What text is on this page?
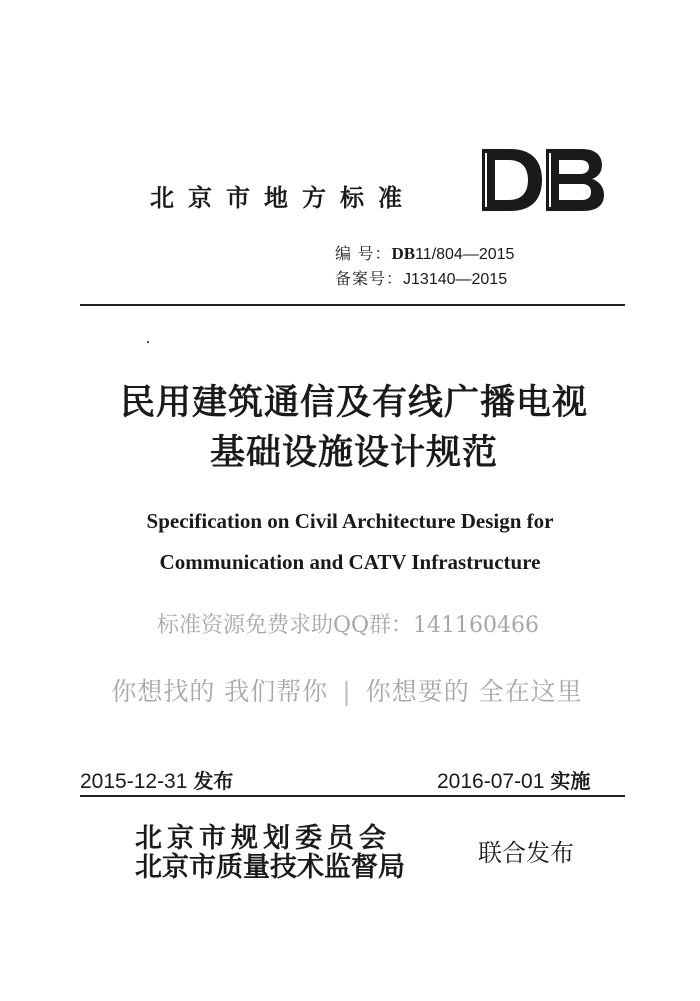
北京市地方标准
编 号：DB11/804—2015
备案号：J13140—2015
民用建筑通信及有线广播电视
基础设施设计规范
Specification on Civil Architecture Design for
Communication and CATV Infrastructure
标准资源免费求助QQ群：141160466
你想找的 我们帮你 | 你想要的 全在这里
2015-12-31 发布	2016-07-01 实施
北京市规划委员会
北京市质量技术监督局	联合发布
